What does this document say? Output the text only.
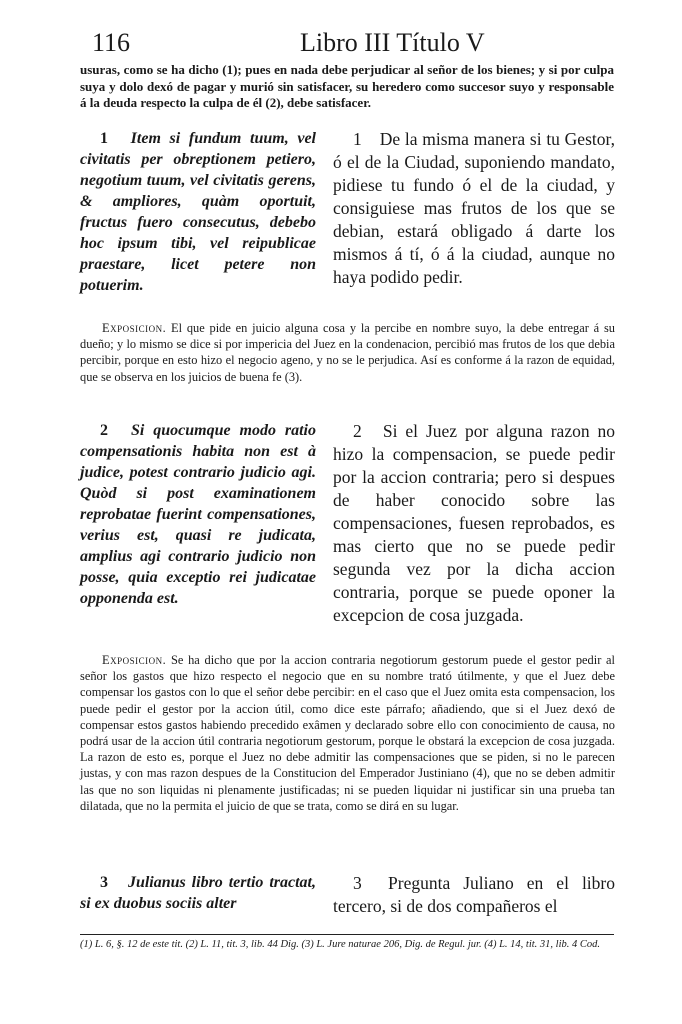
116	Libro III Título V
usuras, como se ha dicho (1); pues en nada debe perjudicar al señor de los bienes; y si por culpa suya y dolo dexó de pagar y murió sin satisfacer, su heredero como succesor suyo y responsable á la deuda respecto la culpa de él (2), debe satisfacer.
1 Item si fundum tuum, vel civitatis per obreptionem petiero, negotium tuum, vel civitatis gerens, & ampliores, quàm oportuit, fructus fuero consecutus, debebo hoc ipsum tibi, vel reipublicae praestare, licet petere non potuerim.
1 De la misma manera si tu Gestor, ó el de la Ciudad, suponiendo mandato, pidiese tu fundo ó el de la ciudad, y consiguiese mas frutos de los que se debian, estará obligado á darte los mismos á tí, ó á la ciudad, aunque no haya podido pedir.
Exposicion. El que pide en juicio alguna cosa y la percibe en nombre suyo, la debe entregar á su dueño; y lo mismo se dice si por impericia del Juez en la condenacion, percibió mas frutos de los que debia percibir, porque en esto hizo el negocio ageno, y no se le perjudica. Así es conforme á la razon de equidad, que se observa en los juicios de buena fe (3).
2 Si quocumque modo ratio compensationis habita non est à judice, potest contrario judicio agi. Quòd si post examinationem reprobatae fuerint compensationes, verius est, quasi re judicata, amplius agi contrario judicio non posse, quia exceptio rei judicatae opponenda est.
2 Si el Juez por alguna razon no hizo la compensacion, se puede pedir por la accion contraria; pero si despues de haber conocido sobre las compensaciones, fuesen reprobados, es mas cierto que no se puede pedir segunda vez por la dicha accion contraria, porque se puede oponer la excepcion de cosa juzgada.
Exposicion. Se ha dicho que por la accion contraria negotiorum gestorum puede el gestor pedir al señor los gastos que hizo respecto el negocio que en su nombre trató útilmente, y que el Juez debe compensar los gastos con lo que el señor debe percibir: en el caso que el Juez omita esta compensacion, los puede pedir el gestor por la accion útil, como dice este párrafo; añadiendo, que si el Juez dexó de compensar estos gastos habiendo precedido exâmen y declarado sobre ello con conocimiento de causa, no podrá usar de la accion útil contraria negotiorum gestorum, porque le obstará la excepcion de cosa juzgada. La razon de esto es, porque el Juez no debe admitir las compensaciones que se piden, si no le parecen justas, y con mas razon despues de la Constitucion del Emperador Justiniano (4), que no se deben admitir las que no son liquidas ni plenamente justificadas; ni se pueden liquidar ni justificar sin una prueba tan dilatada, que no la permita el juicio de que se trata, como se dirá en su lugar.
3 Julianus libro tertio tractat, si ex duobus sociis alter
3 Pregunta Juliano en el libro tercero, si de dos compañeros el
(1) L. 6, §. 12 de este tit. (2) L. 11, tit. 3, lib. 44 Dig. (3) L. Jure naturae 206, Dig. de Regul. jur. (4) L. 14, tit. 31, lib. 4 Cod.
